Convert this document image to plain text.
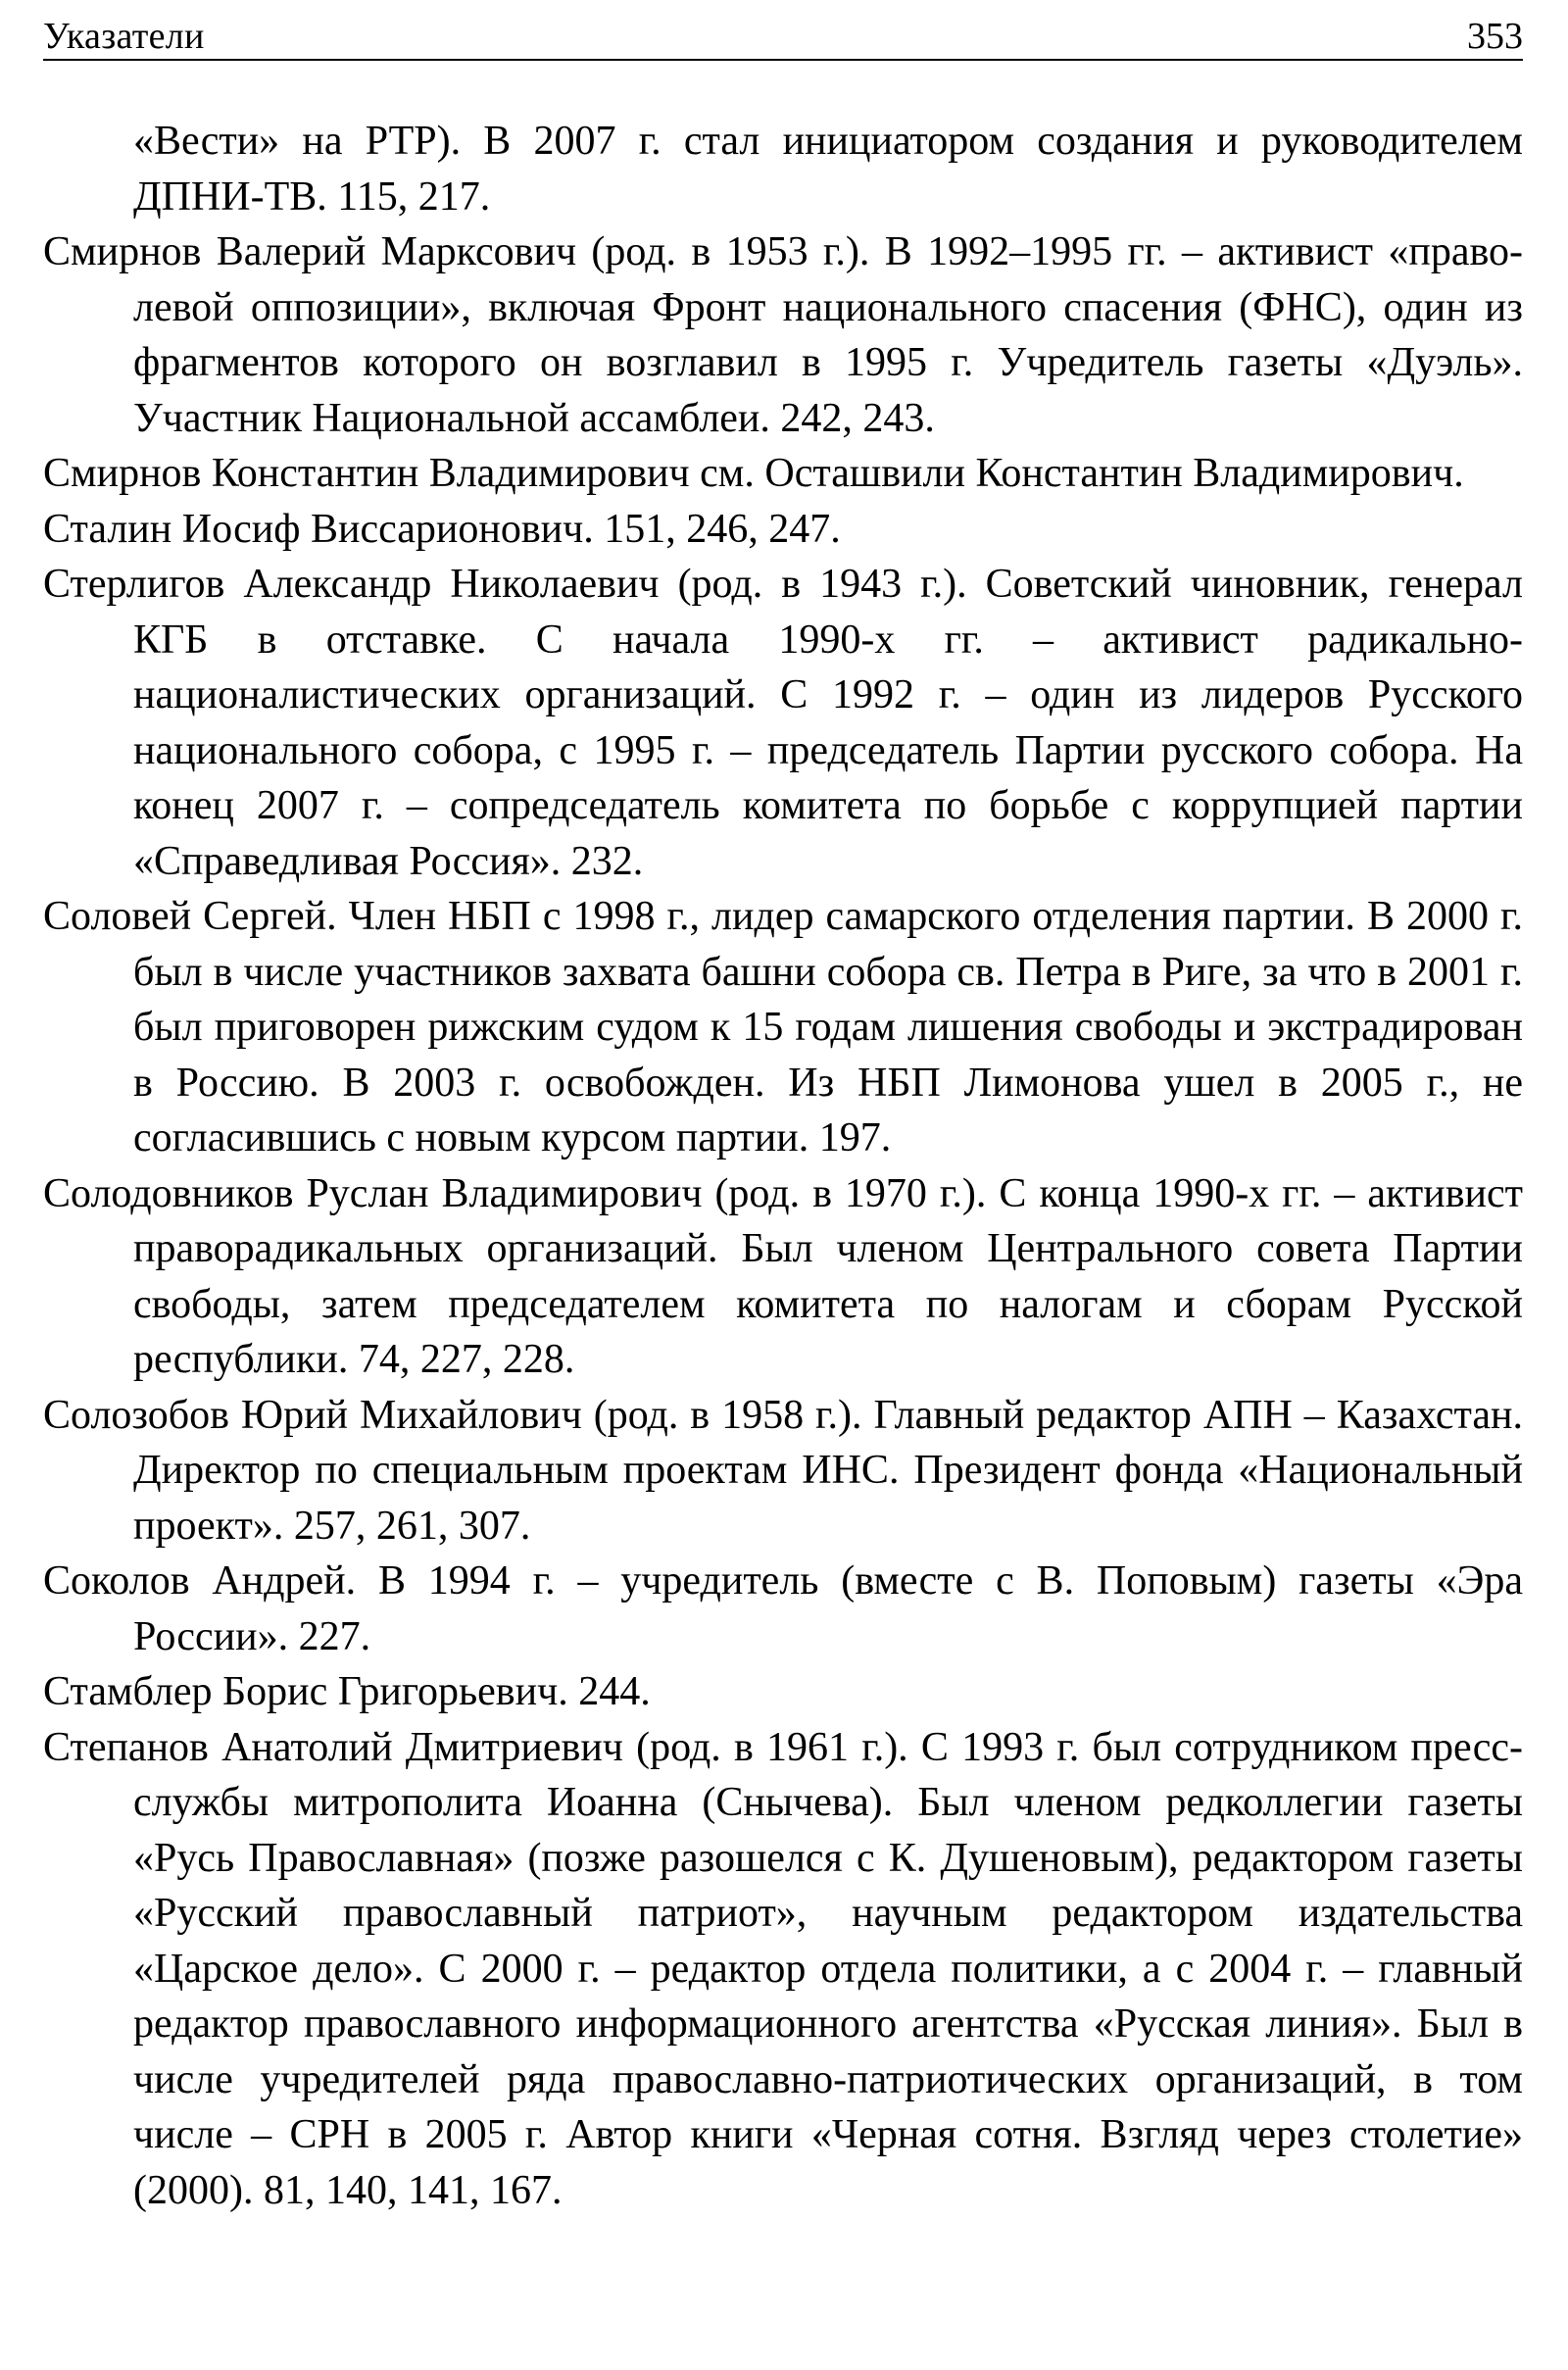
Указатели	353

«Вести» на РТР). В 2007 г. стал инициатором создания и руководителем ДПНИ-ТВ. 115, 217.

Смирнов Валерий Марксович (род. в 1953 г.). В 1992–1995 гг. – активист «право-левой оппозиции», включая Фронт национального спасения (ФНС), один из фрагментов которого он возглавил в 1995 г. Учредитель газеты «Дуэль». Участник Национальной ассамблеи. 242, 243.

Смирнов Константин Владимирович см. Осташвили Константин Владимирович.

Сталин Иосиф Виссарионович. 151, 246, 247.

Стерлигов Александр Николаевич (род. в 1943 г.). Советский чиновник, генерал КГБ в отставке. С начала 1990-х гг. – активист радикально-националистических организаций. С 1992 г. – один из лидеров Русского национального собора, с 1995 г. – председатель Партии русского собора. На конец 2007 г. – сопредседатель комитета по борьбе с коррупцией партии «Справедливая Россия». 232.

Соловей Сергей. Член НБП с 1998 г., лидер самарского отделения партии. В 2000 г. был в числе участников захвата башни собора св. Петра в Риге, за что в 2001 г. был приговорен рижским судом к 15 годам лишения свободы и экстрадирован в Россию. В 2003 г. освобожден. Из НБП Лимонова ушел в 2005 г., не согласившись с новым курсом партии. 197.

Солодовников Руслан Владимирович (род. в 1970 г.). С конца 1990-х гг. – активист праворадикальных организаций. Был членом Центрального совета Партии свободы, затем председателем комитета по налогам и сборам Русской республики. 74, 227, 228.

Солозобов Юрий Михайлович (род. в 1958 г.). Главный редактор АПН – Казахстан. Директор по специальным проектам ИНС. Президент фонда «Национальный проект». 257, 261, 307.

Соколов Андрей. В 1994 г. – учредитель (вместе с В. Поповым) газеты «Эра России». 227.

Стамблер Борис Григорьевич. 244.

Степанов Анатолий Дмитриевич (род. в 1961 г.). С 1993 г. был сотрудником пресс-службы митрополита Иоанна (Снычева). Был членом редколлегии газеты «Русь Православная» (позже разошелся с К. Душеновым), редактором газеты «Русский православный патриот», научным редактором издательства «Царское дело». С 2000 г. – редактор отдела политики, а с 2004 г. – главный редактор православного информационного агентства «Русская линия». Был в числе учредителей ряда православно-патриотических организаций, в том числе – СРН в 2005 г. Автор книги «Черная сотня. Взгляд через столетие» (2000). 81, 140, 141, 167.
